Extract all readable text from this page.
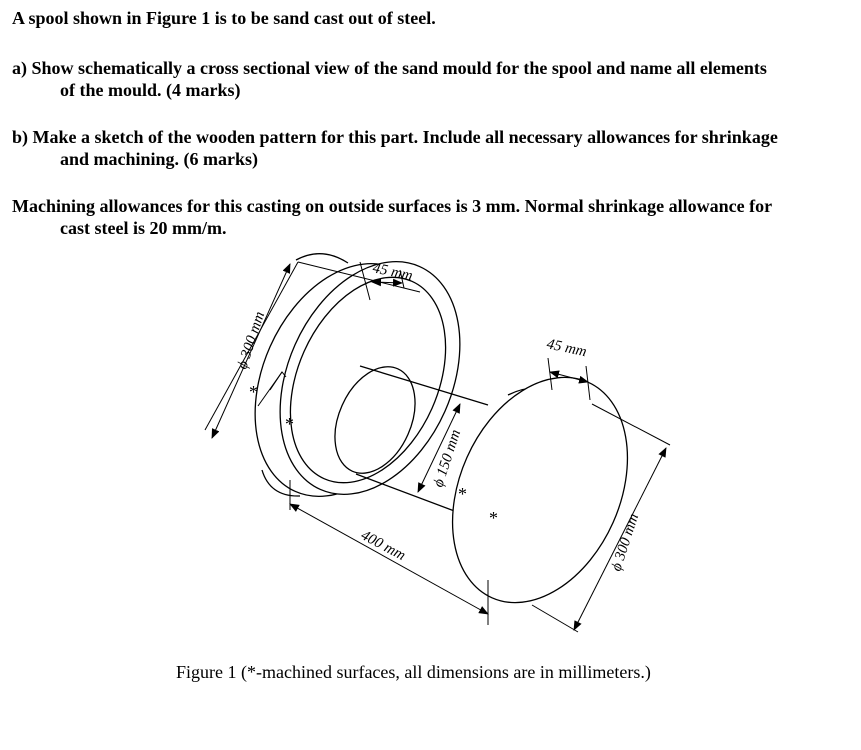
A spool shown in Figure 1 is to be sand cast out of steel.
a) Show schematically a cross sectional view of the sand mould for the spool and name all elements
of the mould. (4 marks)
b) Make a sketch of the wooden pattern for this part. Include all necessary allowances for shrinkage
and machining. (6 marks)
Machining allowances for this casting on outside surfaces is 3 mm. Normal shrinkage allowance for
cast steel is 20 mm/m.
ϕ 300 mm
45 mm
45 mm
ϕ 150 mm
400 mm	ϕ 300 mm
*
*
*
*
Figure 1 (*-machined surfaces, all dimensions are in millimeters.)
